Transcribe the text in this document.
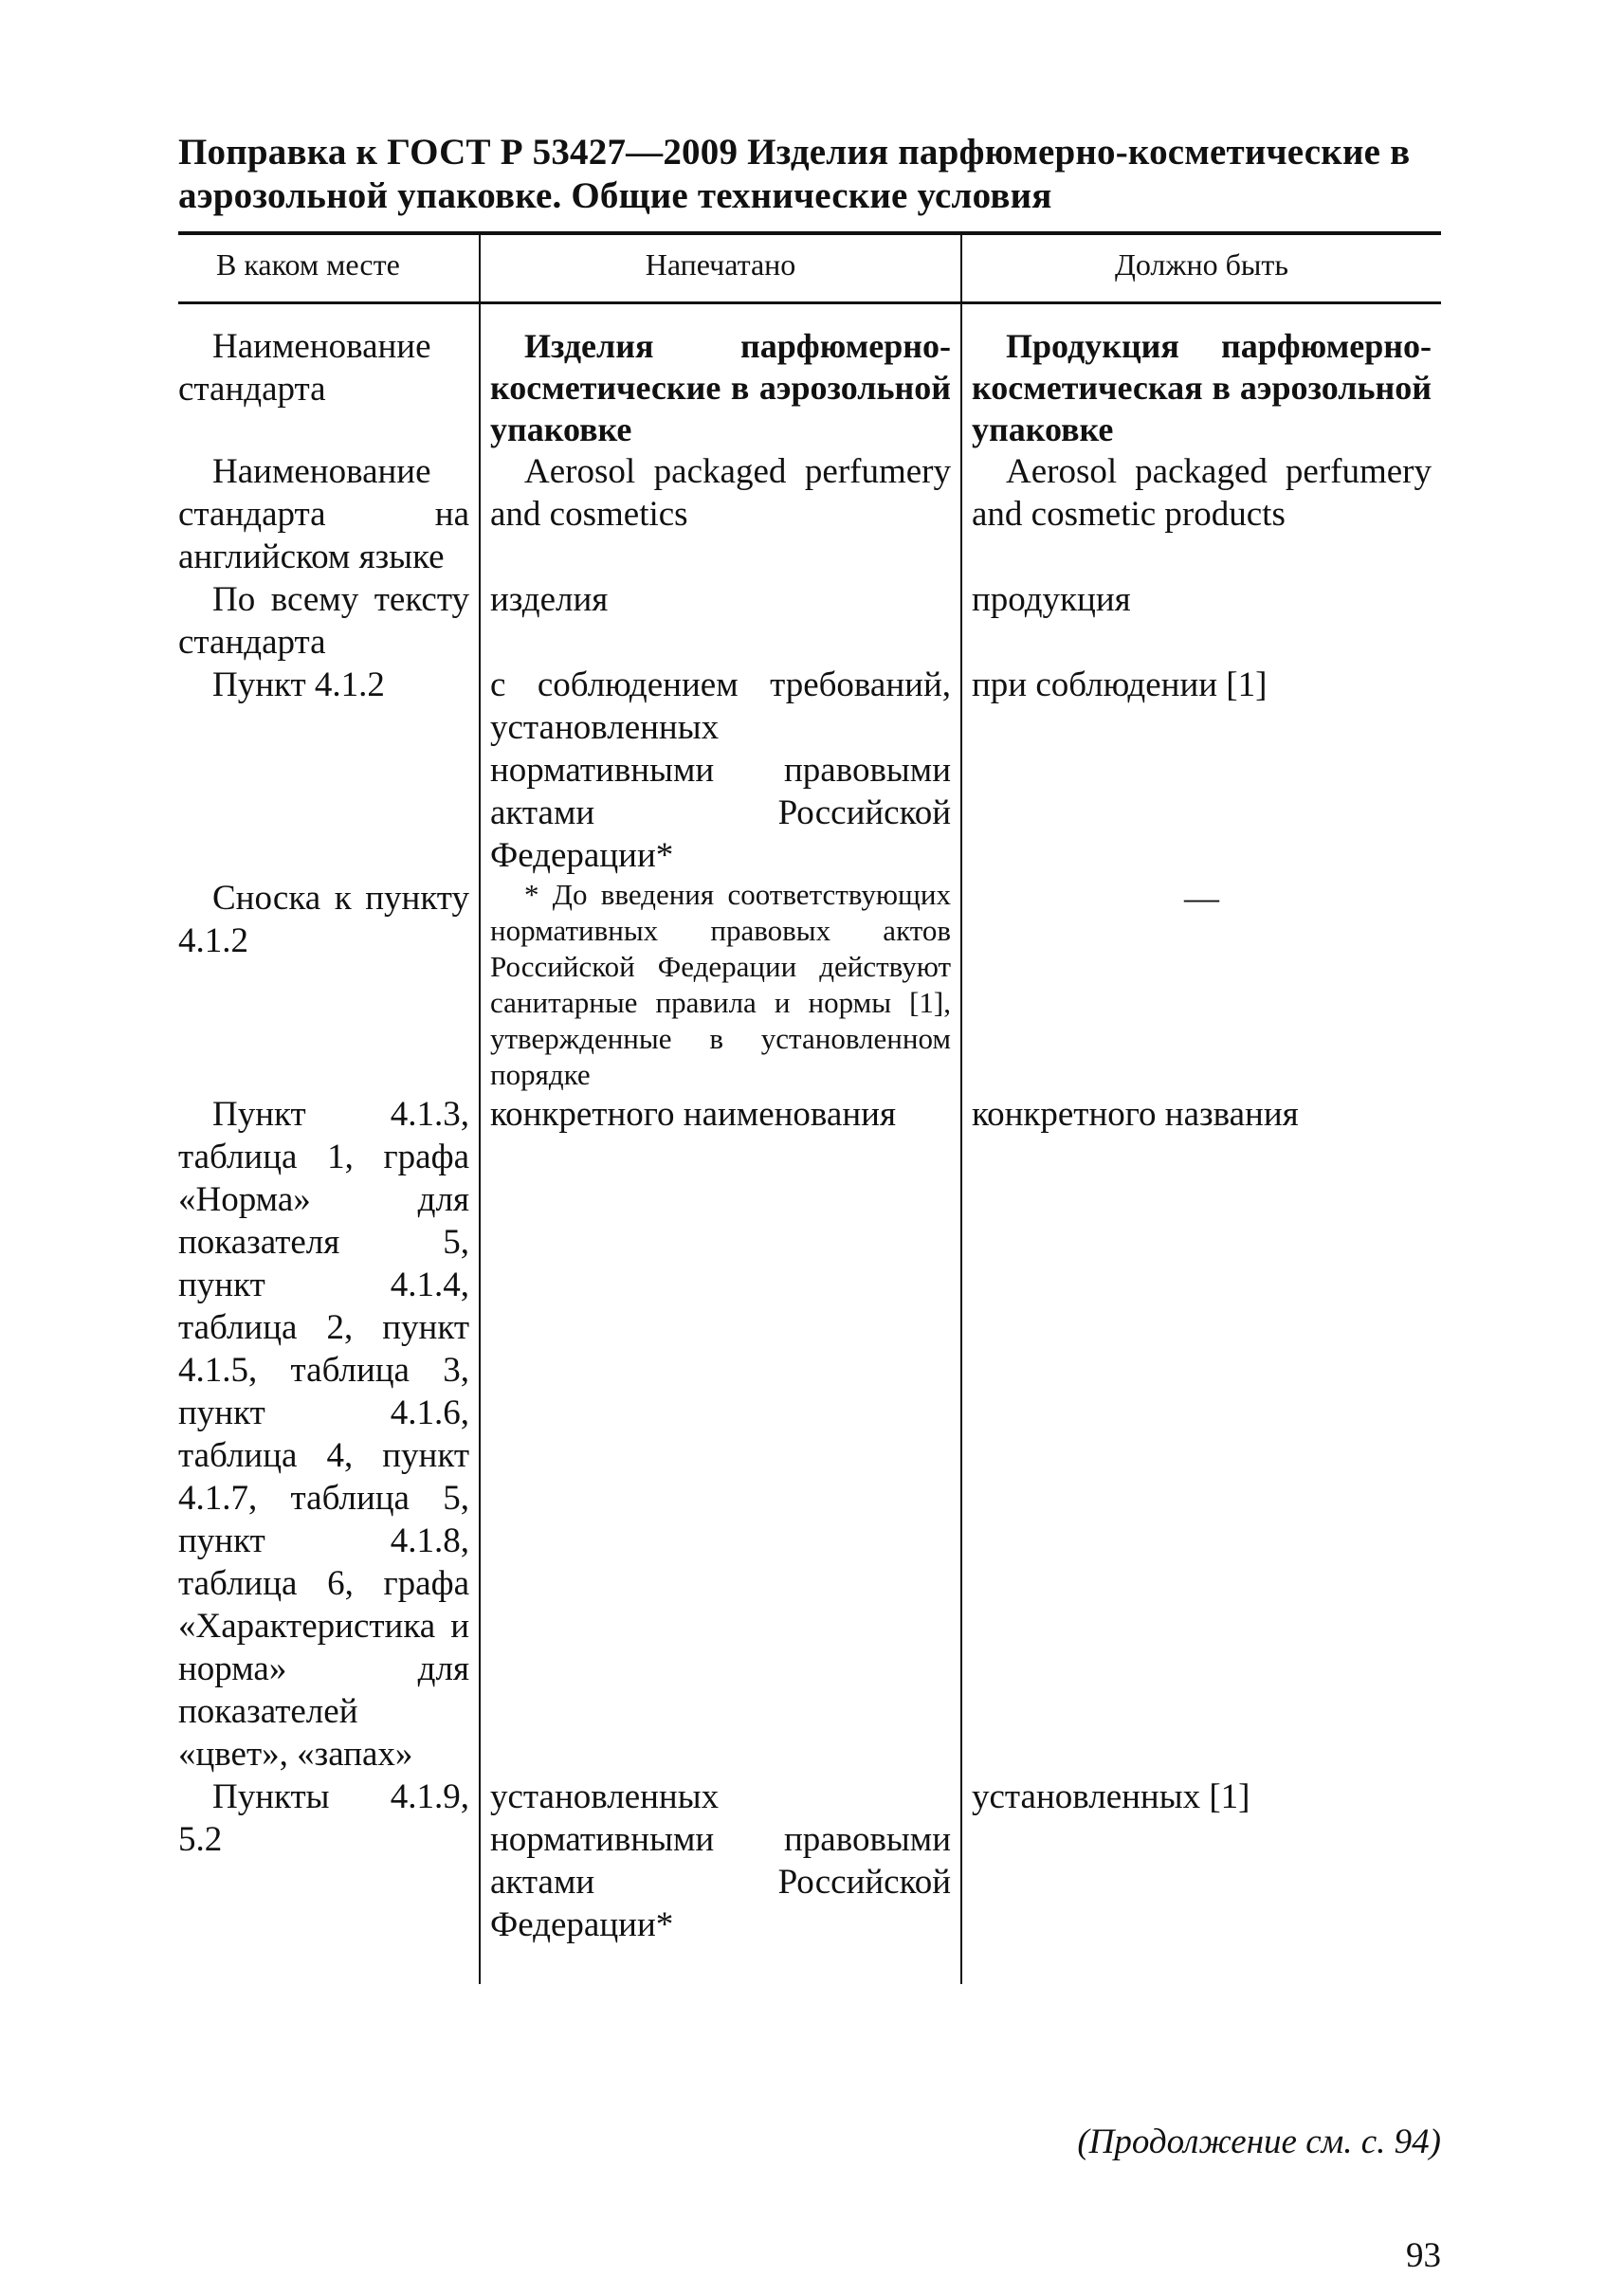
Поправка к ГОСТ Р 53427—2009 Изделия парфюмерно-косметические в аэрозольной упаковке. Общие технические условия
В каком месте	Напечатано	Должно быть
Наименование стандарта	Изделия парфюмерно-косметические в аэрозольной упаковке	Продукция парфюмерно-косметическая в аэрозольной упаковке

Наименование стандарта на английском языке	Aerosol packaged perfumery and cosmetics	Aerosol packaged perfumery and cosmetic products

По всему тексту стандарта	изделия	продукция
Пункт 4.1.2	с соблюдением требований, установленных нормативными правовыми актами Российской Федерации*	при соблюдении [1]
Сноска к пункту 4.1.2	* До введения соответствующих нормативных правовых актов Российской Федерации действуют санитарные правила и нормы [1], утвержденные в установленном порядке	—

Пункт 4.1.3, таблица 1, графа «Норма» для показателя 5, пункт 4.1.4, таблица 2, пункт 4.1.5, таблица 3, пункт 4.1.6, таблица 4, пункт 4.1.7, таблица 5, пункт 4.1.8, таблица 6, графа «Характеристика и норма» для показателей «цвет», «запах»	конкретного наименования	конкретного названия
Пункты 4.1.9, 5.2	установленных нормативными правовыми актами Российской Федерации*	установленных [1]
(Продолжение см. с. 94)
93
